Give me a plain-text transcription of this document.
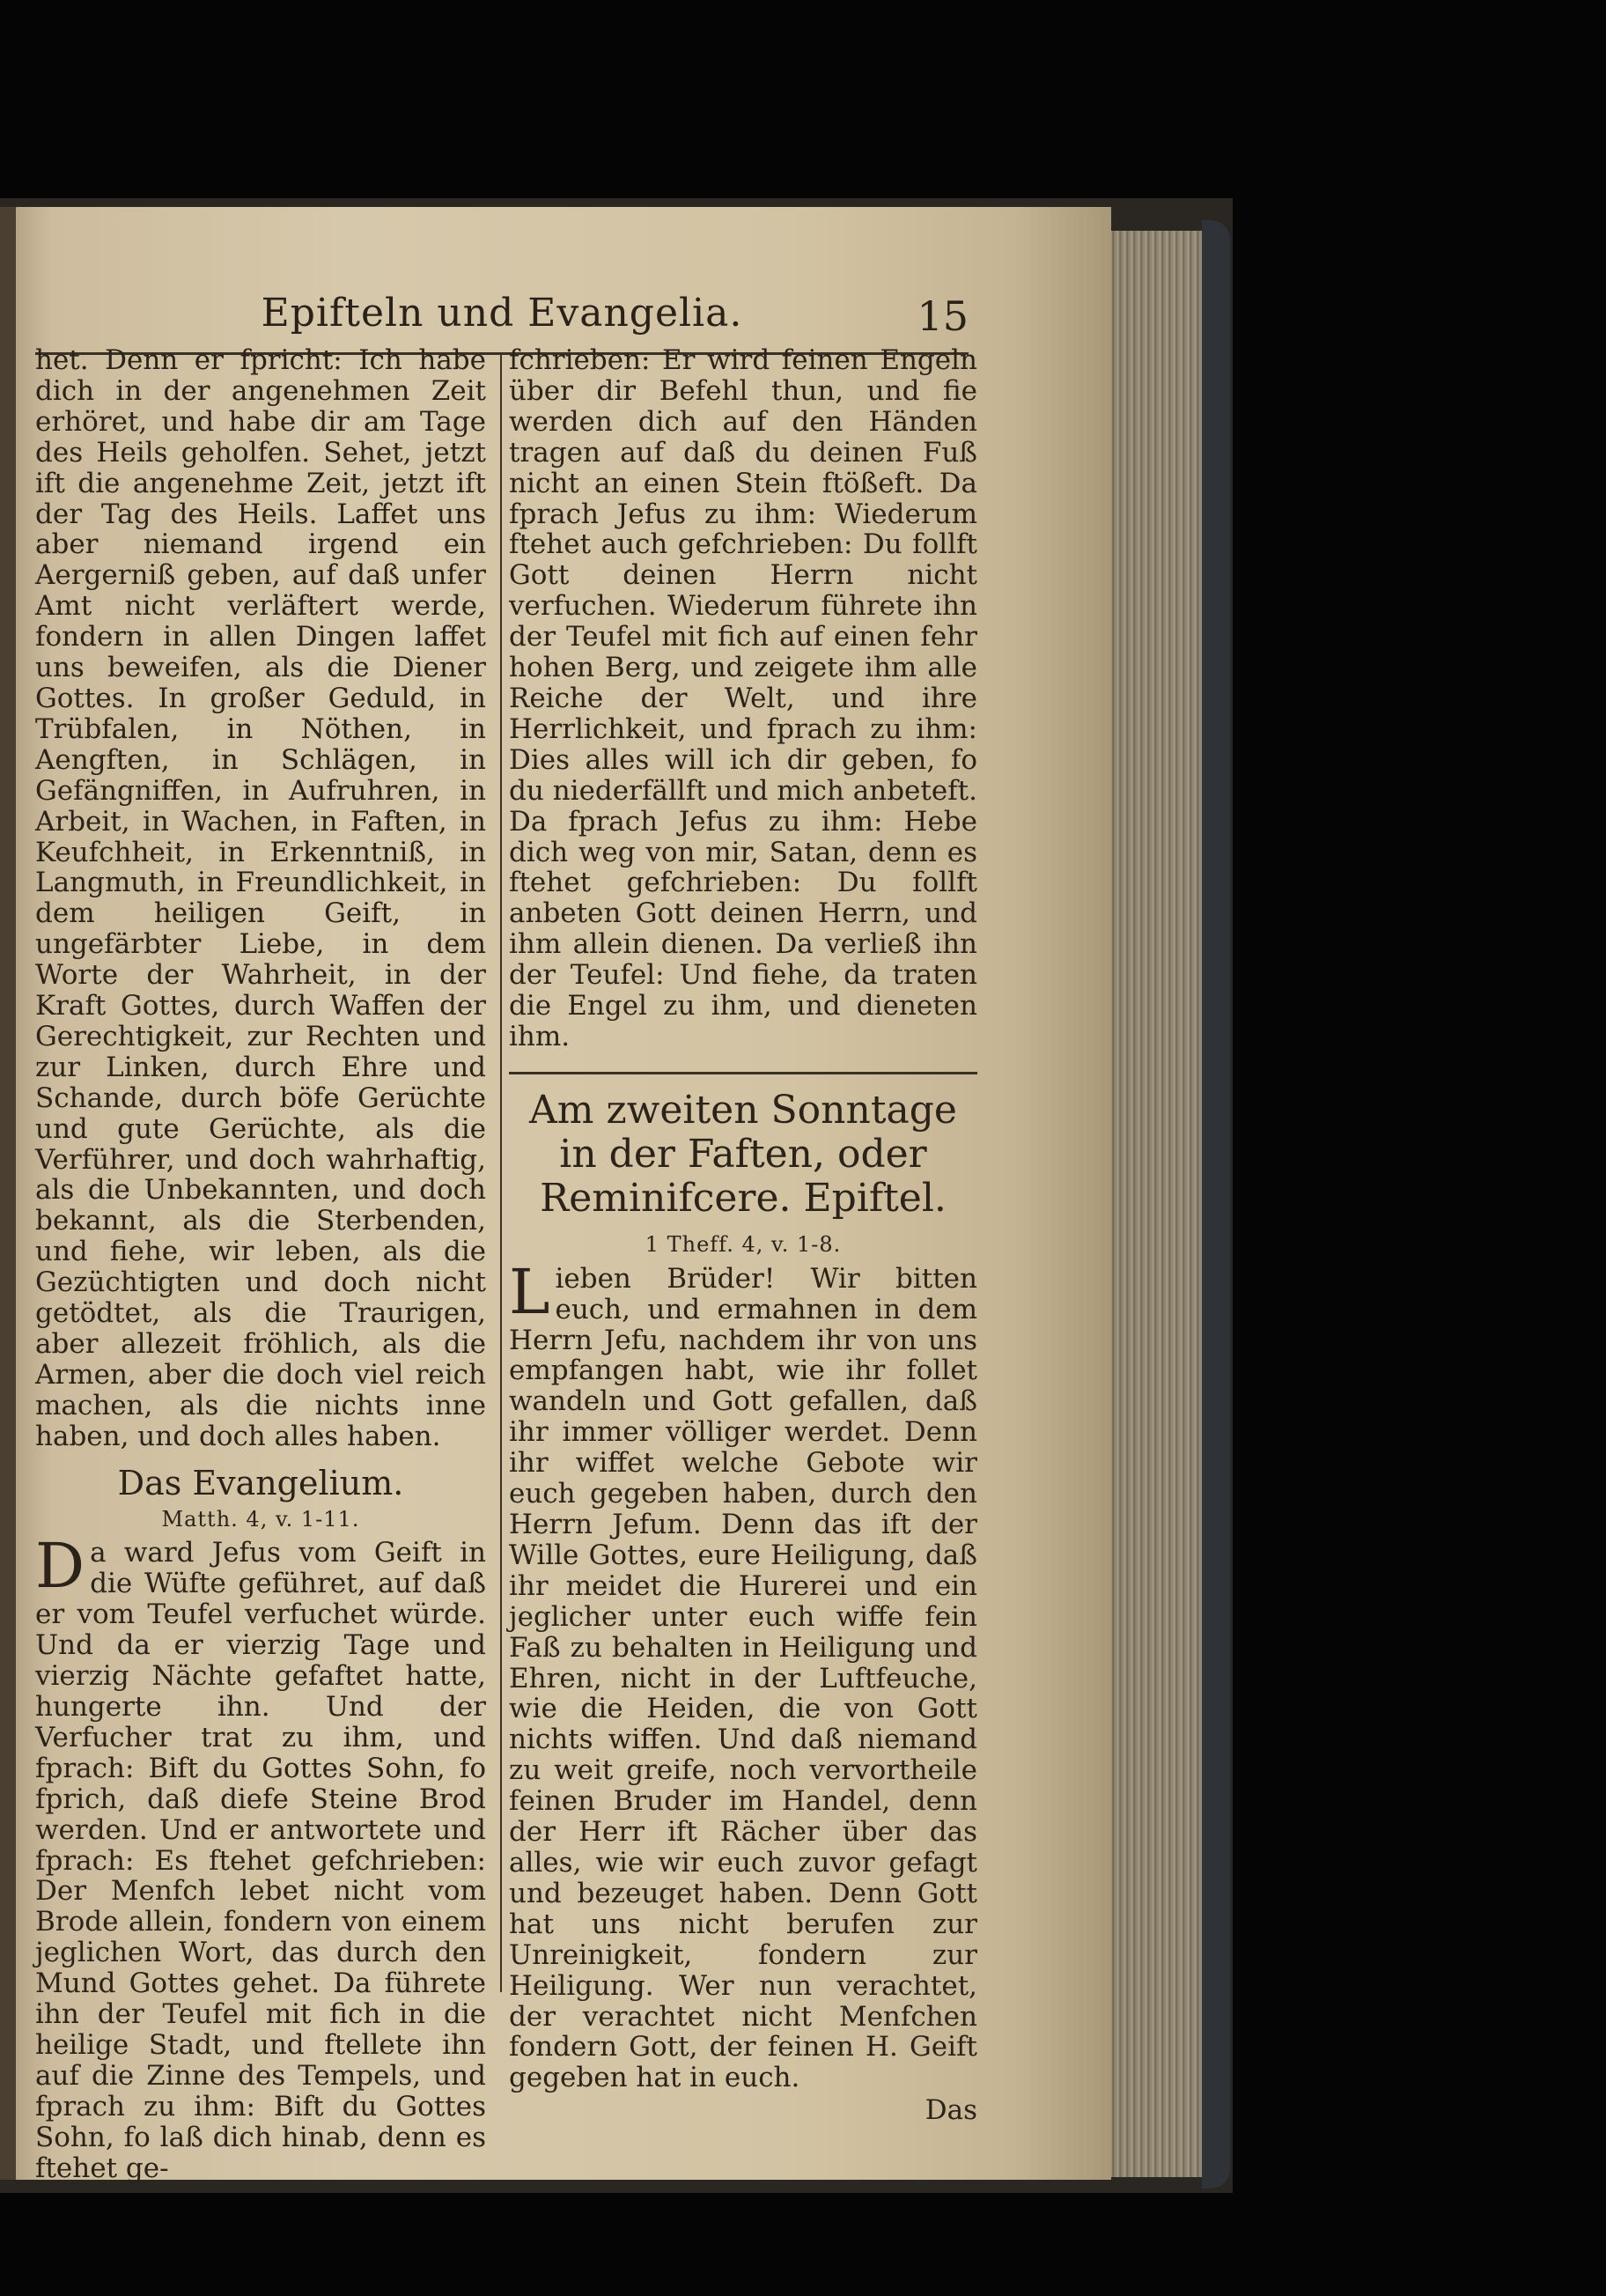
Epifteln und Evangelia.	15

het. Denn er fpricht: Ich habe dich in der angenehmen Zeit erhöret, und habe dir am Tage des Heils geholfen. Sehet, jetzt ift die angenehme Zeit, jetzt ift der Tag des Heils. Laffet uns aber niemand irgend ein Aergerniß geben, auf daß unfer Amt nicht verläftert werde, fondern in allen Dingen laffet uns beweifen, als die Diener Gottes. In großer Geduld, in Trübfalen, in Nöthen, in Aengften, in Schlägen, in Gefängniffen, in Aufruhren, in Arbeit, in Wachen, in Faften, in Keufchheit, in Erkenntniß, in Langmuth, in Freundlichkeit, in dem heiligen Geift, in ungefärbter Liebe, in dem Worte der Wahrheit, in der Kraft Gottes, durch Waffen der Gerechtigkeit, zur Rechten und zur Linken, durch Ehre und Schande, durch böfe Gerüchte und gute Gerüchte, als die Verführer, und doch wahrhaftig, als die Unbekannten, und doch bekannt, als die Sterbenden, und fiehe, wir leben, als die Gezüchtigten und doch nicht getödtet, als die Traurigen, aber allezeit fröhlich, als die Armen, aber die doch viel reich machen, als die nichts inne haben, und doch alles haben.

Das Evangelium.
Matth. 4, v. 1-11.

Da ward Jefus vom Geift in die Wüfte geführet, auf daß er vom Teufel verfuchet würde. Und da er vierzig Tage und vierzig Nächte gefaftet hatte, hungerte ihn. Und der Verfucher trat zu ihm, und fprach: Bift du Gottes Sohn, fo fprich, daß diefe Steine Brod werden. Und er antwortete und fprach: Es ftehet gefchrieben: Der Menfch lebet nicht vom Brode allein, fondern von einem jeglichen Wort, das durch den Mund Gottes gehet. Da führete ihn der Teufel mit fich in die heilige Stadt, und ftellete ihn auf die Zinne des Tempels, und fprach zu ihm: Bift du Gottes Sohn, fo laß dich hinab, denn es ftehet ge-

fchrieben: Er wird feinen Engeln über dir Befehl thun, und fie werden dich auf den Händen tragen auf daß du deinen Fuß nicht an einen Stein ftößeft. Da fprach Jefus zu ihm: Wiederum ftehet auch gefchrieben: Du follft Gott deinen Herrn nicht verfuchen. Wiederum führete ihn der Teufel mit fich auf einen fehr hohen Berg, und zeigete ihm alle Reiche der Welt, und ihre Herrlichkeit, und fprach zu ihm: Dies alles will ich dir geben, fo du niederfällft und mich anbeteft. Da fprach Jefus zu ihm: Hebe dich weg von mir, Satan, denn es ftehet gefchrieben: Du follft anbeten Gott deinen Herrn, und ihm allein dienen. Da verließ ihn der Teufel: Und fiehe, da traten die Engel zu ihm, und dieneten ihm.

Am zweiten Sonntage in der Faften, oder Reminifcere. Epiftel.
1 Theff. 4, v. 1-8.

Lieben Brüder! Wir bitten euch, und ermahnen in dem Herrn Jefu, nachdem ihr von uns empfangen habt, wie ihr follet wandeln und Gott gefallen, daß ihr immer völliger werdet. Denn ihr wiffet welche Gebote wir euch gegeben haben, durch den Herrn Jefum. Denn das ift der Wille Gottes, eure Heiligung, daß ihr meidet die Hurerei und ein jeglicher unter euch wiffe fein Faß zu behalten in Heiligung und Ehren, nicht in der Luftfeuche, wie die Heiden, die von Gott nichts wiffen. Und daß niemand zu weit greife, noch vervortheile feinen Bruder im Handel, denn der Herr ift Rächer über das alles, wie wir euch zuvor gefagt und bezeuget haben. Denn Gott hat uns nicht berufen zur Unreinigkeit, fondern zur Heiligung. Wer nun verachtet, der verachtet nicht Menfchen fondern Gott, der feinen H. Geift gegeben hat in euch.

Das
